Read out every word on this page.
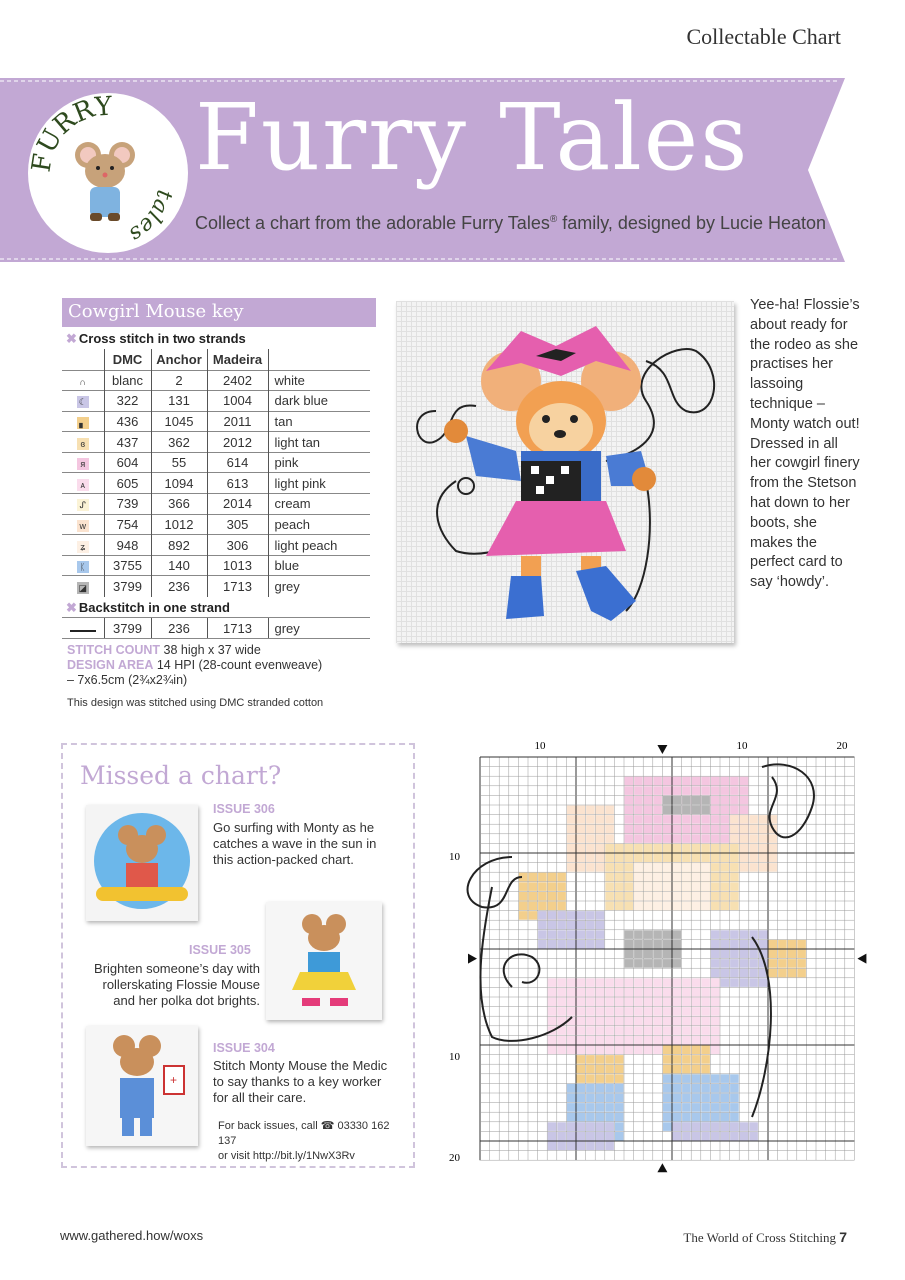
Collectable Chart
Furry Tales
Collect a chart from the adorable Furry Tales® family, designed by Lucie Heaton
FURRY
tales
Cowgirl Mouse key
✖ Cross stitch in two strands
	DMC	Anchor	Madeira	
∩	blanc	2	2402	white
☾	322	131	1004	dark blue
▖	436	1045	2011	tan
ɞ	437	362	2012	light tan
я	604	55	614	pink
ᴀ	605	1094	613	light pink
ᔑ	739	366	2014	cream
ᴡ	754	1012	305	peach
ʑ	948	892	306	light peach
ᛕ	3755	140	1013	blue
◪	3799	236	1713	grey
✖ Backstitch in one strand
	3799	236	1713	grey
STITCH COUNT 38 high x 37 wide
DESIGN AREA 14 HPI (28-count evenweave)
– 7x6.5cm (2¾x2¾in)
This design was stitched using DMC stranded cotton
Yee-ha! Flossie’s about ready for the rodeo as she practises her lassoing technique – Monty watch out! Dressed in all her cowgirl finery from the Stetson hat down to her boots, she makes the perfect card to say ‘howdy’.
Missed a chart?
ISSUE 306
Go surfing with Monty as he catches a wave in the sun in this action-packed chart.
ISSUE 305
Brighten someone’s day with rollerskating Flossie Mouse and her polka dot brights.
+
ISSUE 304
Stitch Monty Mouse the Medic to say thanks to a key worker for all their care.
For back issues, call ☎ 03330 162 137
or visit http://bit.ly/1NwX3Rv
10	10	20
10
10
20
www.gathered.how/woxs	The World of Cross Stitching 7
